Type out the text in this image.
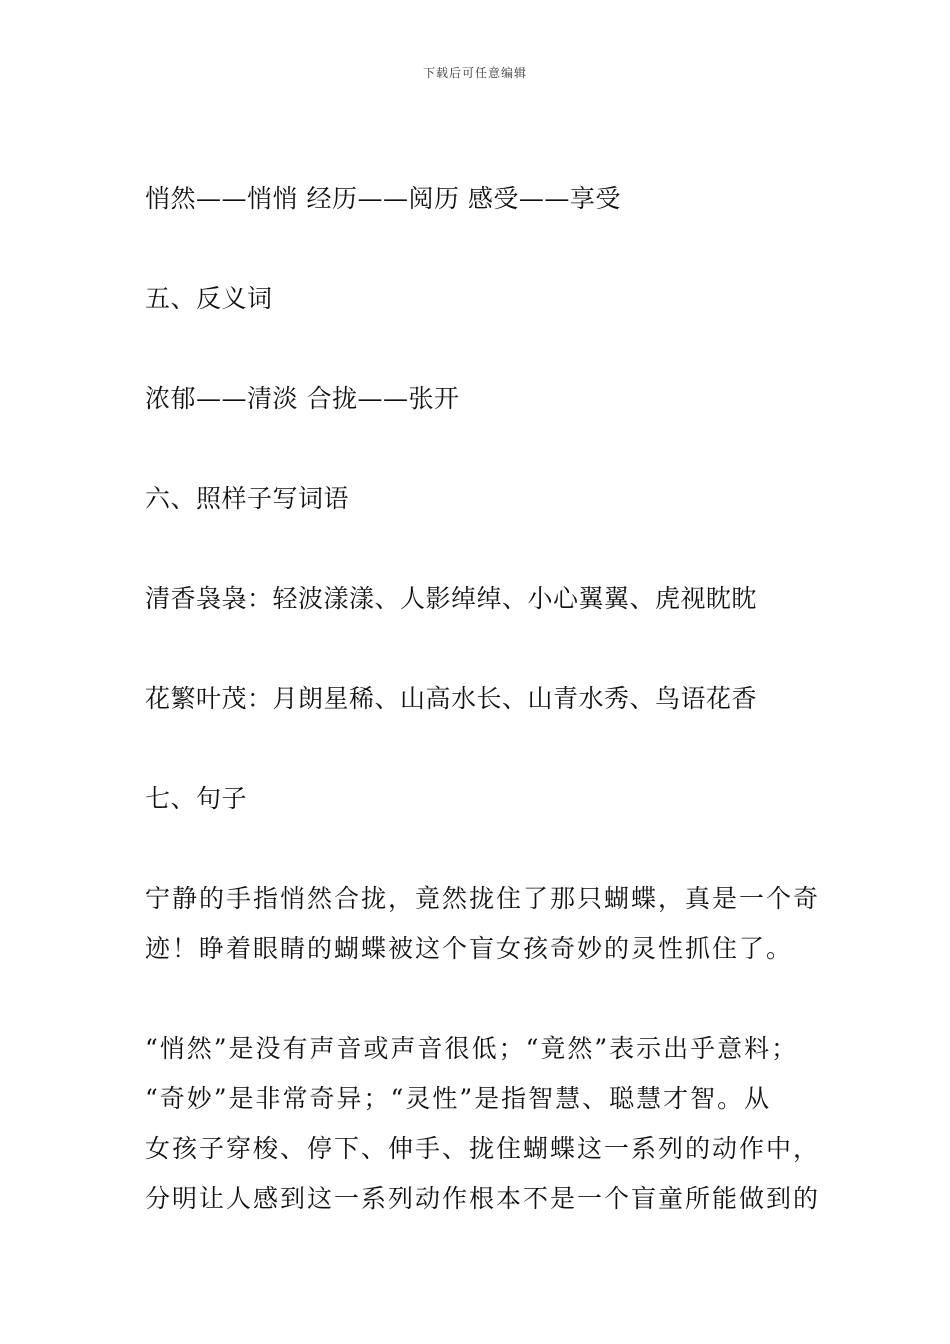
下载后可任意编辑
悄然——悄悄 经历——阅历 感受——享受
五、反义词
浓郁——清淡 合拢——张开
六、照样子写词语
清香袅袅：轻波漾漾、人影绰绰、小心翼翼、虎视眈眈
花繁叶茂：月朗星稀、山高水长、山青水秀、鸟语花香
七、句子
宁静的手指悄然合拢，竟然拢住了那只蝴蝶，真是一个奇
迹！睁着眼睛的蝴蝶被这个盲女孩奇妙的灵性抓住了。
“悄然”是没有声音或声音很低；“竟然”表示出乎意料；
“奇妙”是非常奇异；“灵性”是指智慧、聪慧才智。从
女孩子穿梭、停下、伸手、拢住蝴蝶这一系列的动作中，
分明让人感到这一系列动作根本不是一个盲童所能做到的
